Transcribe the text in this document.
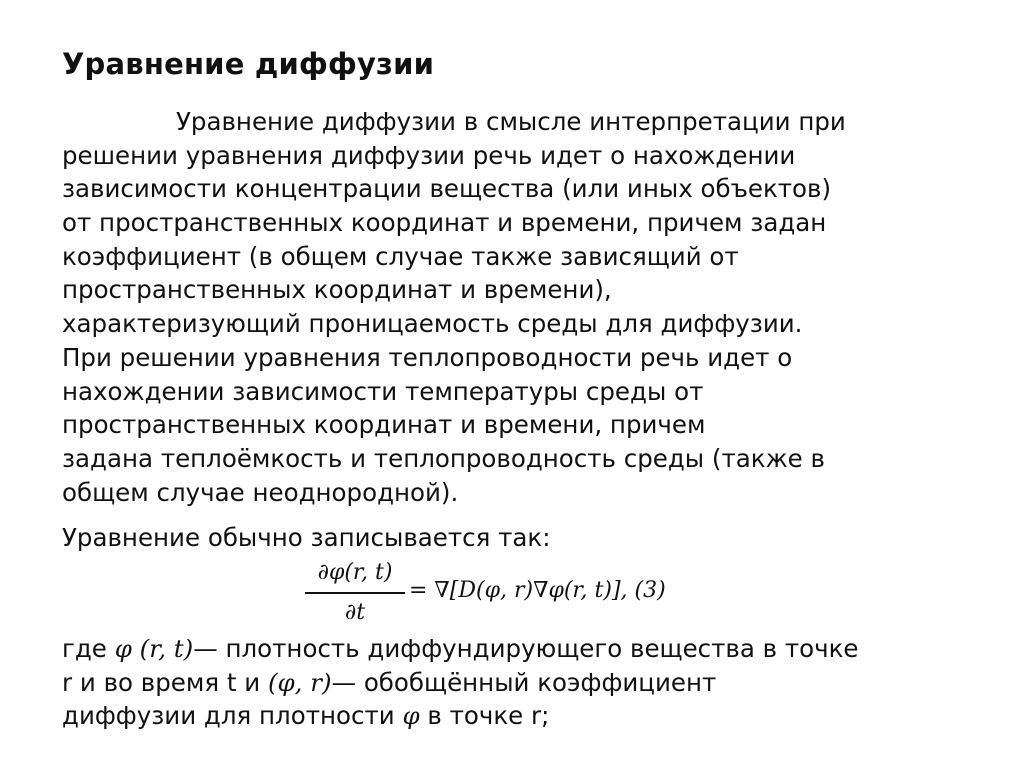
Уравнение диффузии
Уравнение диффузии в смысле интерпретации при
решении уравнения диффузии речь идет о нахождении
зависимости концентрации вещества (или иных объектов)
от пространственных координат и времени, причем задан
коэффициент (в общем случае также зависящий от
пространственных координат и времени),
характеризующий проницаемость среды для диффузии.
При решении уравнения теплопроводности речь идет о
нахождении зависимости температуры среды от
пространственных координат и времени, причем
задана теплоёмкость и теплопроводность среды (также в
общем случае неоднородной).
Уравнение обычно записывается так:
∂φ(r, t)
∂t
= ∇[D(φ, r)∇φ(r, t)], (3)
где φ (r, t)— плотность диффундирующего вещества в точке
r и во время t и (φ, r)— обобщённый коэффициент
диффузии для плотности φ в точке r;
